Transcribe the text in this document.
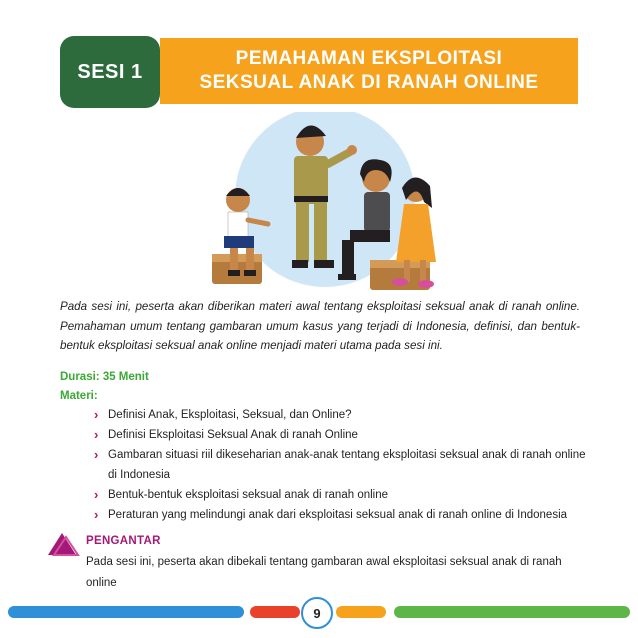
PEMAHAMAN EKSPLOITASI
SEKSUAL ANAK DI RANAH ONLINE
SESI 1
Pada sesi ini, peserta akan diberikan materi awal tentang eksploitasi seksual anak di ranah online. Pemahaman umum tentang gambaran umum kasus yang terjadi di Indonesia, definisi, dan bentuk-bentuk eksploitasi seksual anak online menjadi materi utama pada sesi ini.
Durasi: 35 Menit
Materi:
› Definisi Anak, Eksploitasi, Seksual, dan Online?
› Definisi Eksploitasi Seksual Anak di ranah Online
› Gambaran situasi riil dikeseharian anak-anak tentang eksploitasi seksual anak di ranah online di Indonesia
› Bentuk-bentuk eksploitasi seksual anak di ranah online
› Peraturan yang melindungi anak dari eksploitasi seksual anak di ranah online di Indonesia
PENGANTAR
Pada sesi ini, peserta akan dibekali tentang gambaran awal eksploitasi seksual anak di ranah online
9
